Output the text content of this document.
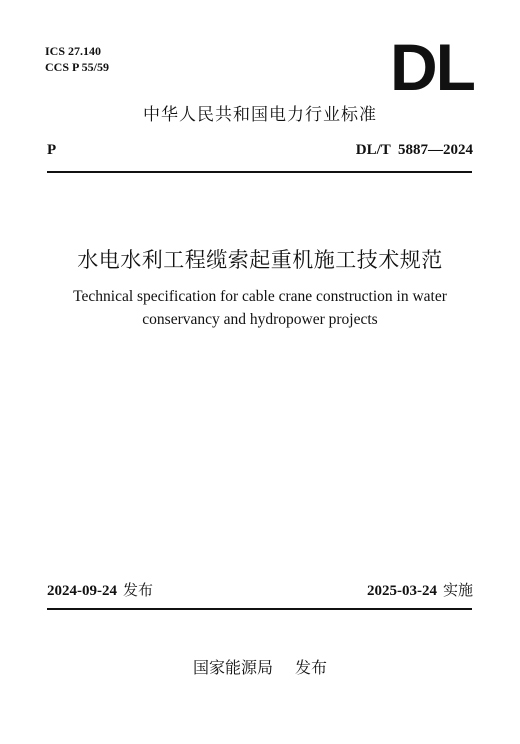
ICS 27.140
CCS P 55/59	DL
中华人民共和国电力行业标准
P	DL/T  5887—2024
水电水利工程缆索起重机施工技术规范
Technical specification for cable crane construction in water
conservancy and hydropower projects
2024-09-24 发布	2025-03-24 实施
国家能源局 发布
